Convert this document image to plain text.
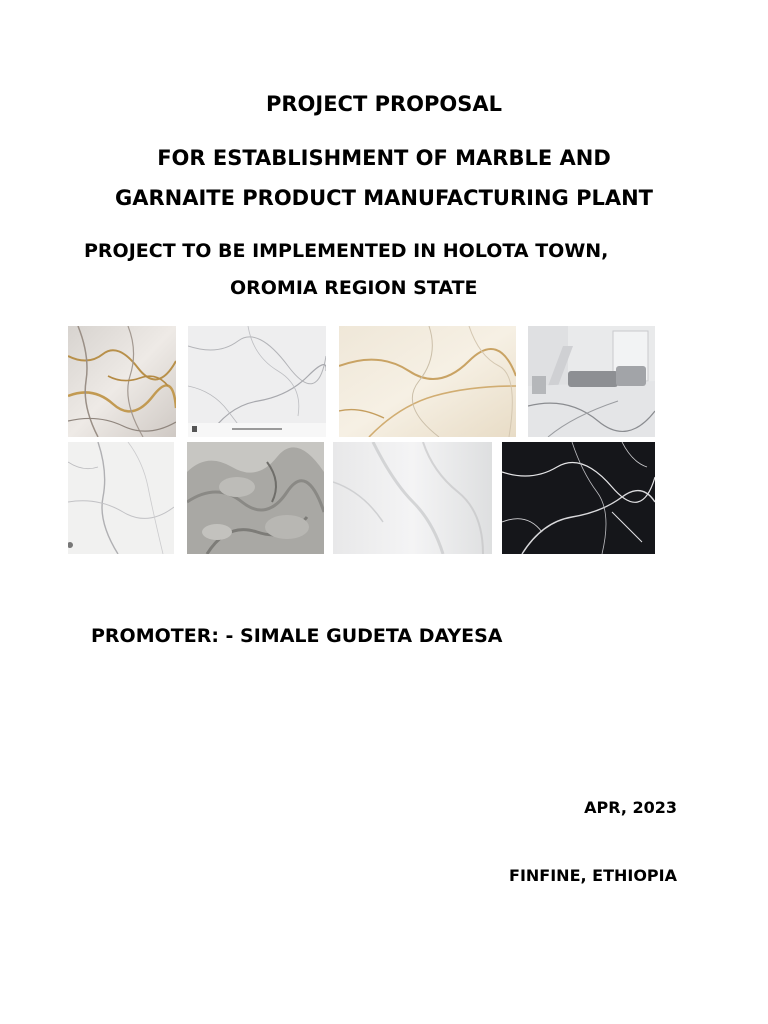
PROJECT PROPOSAL
FOR ESTABLISHMENT OF MARBLE AND
GARNAITE PRODUCT MANUFACTURING PLANT
PROJECT TO BE IMPLEMENTED IN HOLOTA TOWN,
OROMIA REGION STATE
PROMOTER: - SIMALE GUDETA DAYESA
APR, 2023
FINFINE, ETHIOPIA
